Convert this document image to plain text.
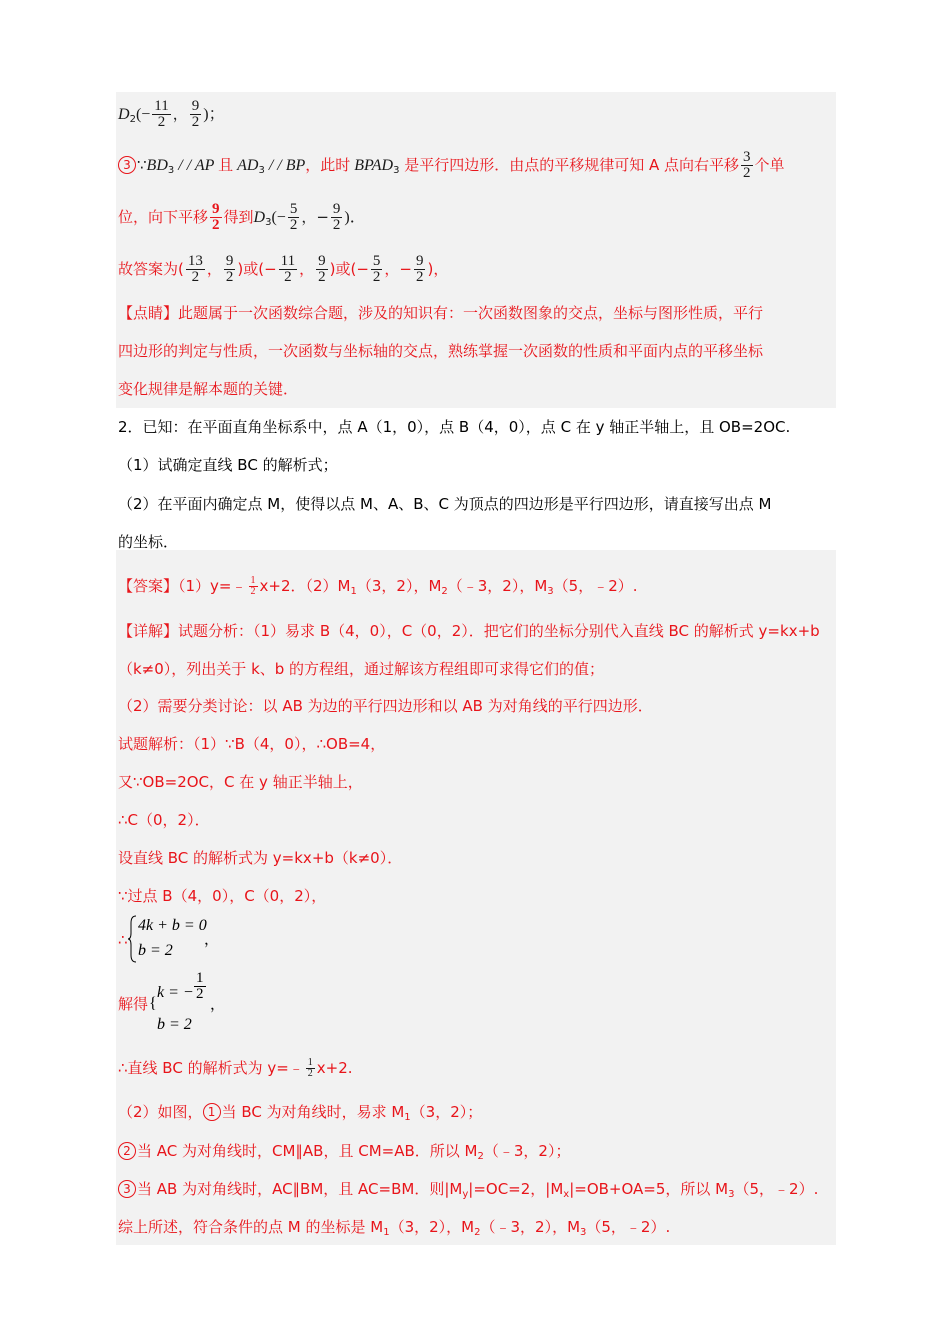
$D_2(- \frac{11}{2}$ ， $\frac{9}{2}$ )；
3 $\because BD_3$ / / AP 且 $AD_3$ / / BP，此时 $BPAD_3$ 是平行四边形．由点的平移规律可知 A 点向右平移 $\frac{3}{2}$ 个单
位，向下平移 $\frac{9}{2}$ 得到$D_3(- \frac{5}{2}$ ，− $\frac{9}{2}$ )．
故答案为( $\frac{13}{2}$ ， $\frac{9}{2}$ )或(− $\frac{11}{2}$ ， $\frac{9}{2}$ )或(− $\frac{5}{2}$ ，− $\frac{9}{2}$ )，
【点睛】此题属于一次函数综合题，涉及的知识有：一次函数图象的交点，坐标与图形性质，平行
四边形的判定与性质，一次函数与坐标轴的交点，熟练掌握一次函数的性质和平面内点的平移坐标
变化规律是解本题的关键．
2．已知：在平面直角坐标系中，点 A（1，0），点 B（4，0），点 C 在 y 轴正半轴上，且 OB=2OC.
（1）试确定直线 BC 的解析式；
（2）在平面内确定点 M，使得以点 M、A、B、C 为顶点的四边形是平行四边形，请直接写出点 M
的坐标．
【答案】（1）y=﹣ $\frac{1}{2} x+2$．$(2)M_1(3$，2），$M_2(﹣3$，2），$M_3(5$，﹣2）.
【详解】试题分析：（1）易求 B（4，0），C（0，2）．把它们的坐标分别代入直线 BC 的解析式 y=kx+b
（k≠0），列出关于 k、b 的方程组，通过解该方程组即可求得它们的值；
（2）需要分类讨论：以 AB 为边的平行四边形和以 AB 为对角线的平行四边形．
试题解析：（1）∵B（4，0），∴OB=4，
又∵OB=2OC，C 在 y 轴正半轴上，
∴C（0，2）．
设直线 BC 的解析式为 y=kx+b（k≠0）．
∵过点 B（4，0），C（0，2），
∴
4k + b = 0
b = 2
，
解得 {
k = − $\frac{1}{2}$
，
b = 2
∴直线 BC 的解析式为 y=﹣ $\frac{1}{2} x+2$.
（2）如图， 1 当 BC 为对角线时，易求 $M_1(3$，2）；
2 当 AC 为对角线时，CM∥AB，且 CM=AB．所以 $M_2(﹣3$，2）；
3 当 AB 为对角线时，AC∥BM，且 AC=BM．则$|M_y|=OC=2$，$|M_x|=OB+OA=5$，所以 $M_3(5$，﹣2）.
综上所述，符合条件的点 M 的坐标是 $M_1(3$，2），$M_2(﹣3$，2），$M_3(5$，﹣2）.
